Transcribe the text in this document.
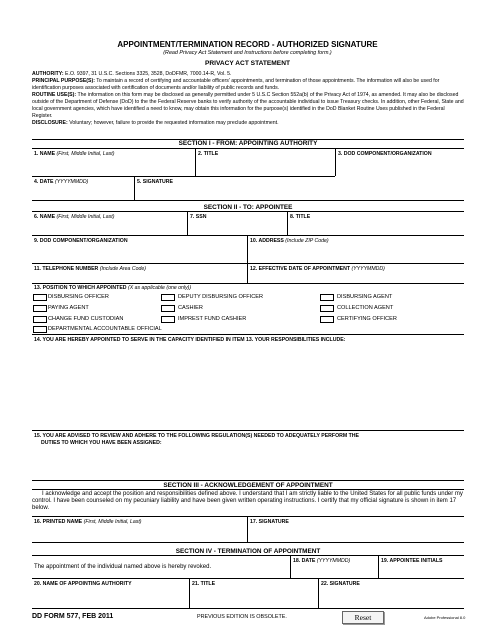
APPOINTMENT/TERMINATION RECORD - AUTHORIZED SIGNATURE
(Read Privacy Act Statement and Instructions before completing form.)
PRIVACY ACT STATEMENT
AUTHORITY: E.O. 9397, 31 U.S.C. Sections 3325, 3528, DoDFMR, 7000.14-R, Vol. 5.
PRINCIPAL PURPOSE(S): To maintain a record of certifying and accountable officers' appointments, and termination of those appointments. The information will also be used for identification purposes associated with certification of documents and/or liability of public records and funds.
ROUTINE USE(S): The information on this form may be disclosed as generally permitted under 5 U.S.C Section 552a(b) of the Privacy Act of 1974, as amended. It may also be disclosed outside of the Department of Defense (DoD) to the the Federal Reserve banks to verify authority of the accountable individual to issue Treasury checks. In addition, other Federal, State and local government agencies, which have identified a need to know, may obtain this information for the purpose(s) identified in the DoD Blanket Routine Uses published in the Federal Register.
DISCLOSURE: Voluntary; however, failure to provide the requested information may preclude appointment.
SECTION I - FROM: APPOINTING AUTHORITY
1. NAME (First, Middle Initial, Last)	2. TITLE	3. DOD COMPONENT/ORGANIZATION
4. DATE (YYYYMMDD)	5. SIGNATURE
SECTION II - TO: APPOINTEE
6. NAME (First, Middle Initial, Last)	7. SSN	8. TITLE
9. DOD COMPONENT/ORGANIZATION	10. ADDRESS (Include ZIP Code)
11. TELEPHONE NUMBER (Include Area Code)	12. EFFECTIVE DATE OF APPOINTMENT (YYYYMMDD)
13. POSITION TO WHICH APPOINTED (X as applicable (one only))
DISBURSING OFFICER	DEPUTY DISBURSING OFFICER	DISBURSING AGENT
PAYING AGENT	CASHIER	COLLECTION AGENT
CHANGE FUND CUSTODIAN	IMPREST FUND CASHIER	CERTIFYING OFFICER
DEPARTMENTAL ACCOUNTABLE OFFICIAL
14. YOU ARE HEREBY APPOINTED TO SERVE IN THE CAPACITY IDENTIFIED IN ITEM 13. YOUR RESPONSIBILITIES INCLUDE:
15. YOU ARE ADVISED TO REVIEW AND ADHERE TO THE FOLLOWING REGULATION(S) NEEDED TO ADEQUATELY PERFORM THE
DUTIES TO WHICH YOU HAVE BEEN ASSIGNED:
SECTION III - ACKNOWLEDGEMENT OF APPOINTMENT
I acknowledge and accept the position and responsibilities defined above. I understand that I am strictly liable to the United States for all public funds under my control. I have been counseled on my pecuniary liability and have been given written operating instructions. I certify that my official signature is shown in item 17 below.
16. PRINTED NAME (First, Middle Initial, Last)	17. SIGNATURE
SECTION IV - TERMINATION OF APPOINTMENT
The appointment of the individual named above is hereby revoked.
18. DATE (YYYYMMDD)	19. APPOINTEE INITIALS
20. NAME OF APPOINTING AUTHORITY	21. TITLE	22. SIGNATURE
DD FORM 577, FEB 2011	PREVIOUS EDITION IS OBSOLETE.	Reset	Adobe Professional 8.0
